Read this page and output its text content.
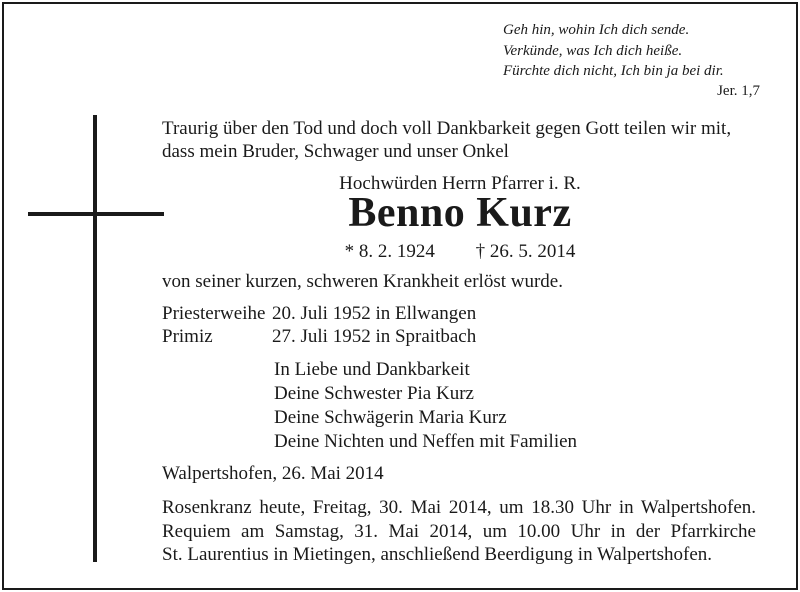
Geh hin, wohin Ich dich sende.
Verkünde, was Ich dich heiße.
Fürchte dich nicht, Ich bin ja bei dir.
Jer. 1,7
Traurig über den Tod und doch voll Dankbarkeit gegen Gott teilen wir mit,
dass mein Bruder, Schwager und unser Onkel
Hochwürden Herrn Pfarrer i. R.
Benno Kurz
* 8. 2. 1924 † 26. 5. 2014
von seiner kurzen, schweren Krankheit erlöst wurde.
Priesterweihe 20. Juli 1952 in Ellwangen
Primiz	27. Juli 1952 in Spraitbach
In Liebe und Dankbarkeit
Deine Schwester Pia Kurz
Deine Schwägerin Maria Kurz
Deine Nichten und Neffen mit Familien
Walpertshofen, 26. Mai 2014
Rosenkranz heute, Freitag, 30. Mai 2014, um 18.30 Uhr in Walpertshofen.
Requiem am Samstag, 31. Mai 2014, um 10.00 Uhr in der Pfarrkirche
St. Laurentius in Mietingen, anschließend Beerdigung in Walpertshofen.
